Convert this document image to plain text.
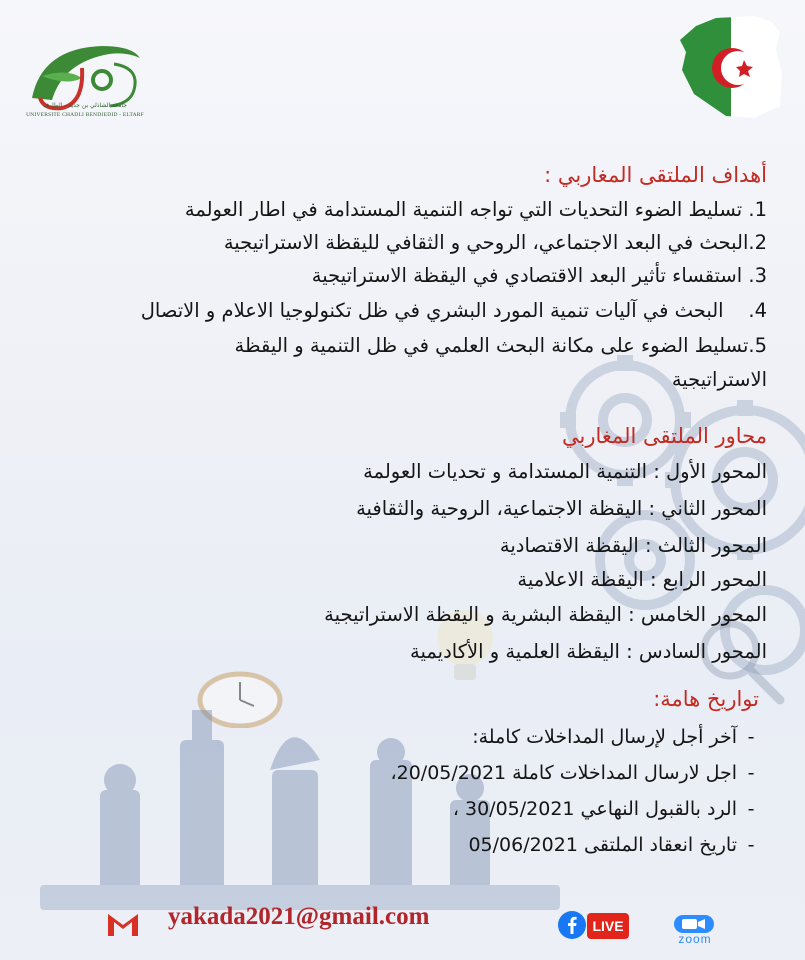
جامعة الشاذلي بن جديد - الطارف
UNIVERSITE CHADLI BENDJEDID - ELTARF
أهداف الملتقى المغاربي :
1. تسليط الضوء التحديات التي تواجه التنمية المستدامة في اطار العولمة
2.البحث في البعد الاجتماعي، الروحي و الثقافي لليقظة الاستراتيجية
3. استقساء تأثير البعد الاقتصادي في اليقظة الاستراتيجية
4.    البحث في آليات تنمية المورد البشري في ظل تكنولوجيا الاعلام و الاتصال
5.تسليط الضوء على مكانة البحث العلمي في ظل التنمية و اليقظة
الاستراتيجية
محاور الملتقى المغاربي
المحور الأول : التنمية المستدامة و تحديات العولمة
المحور الثاني : اليقظة الاجتماعية، الروحية والثقافية
المحور الثالث : اليقظة الاقتصادية
المحور الرابع : اليقظة الاعلامية
المحور الخامس : اليقظة البشرية و اليقظة الاستراتيجية
المحور السادس : اليقظة العلمية و الأكاديمية
تواريخ هامة:
-آخر أجل لإرسال المداخلات كاملة:
-اجل لارسال المداخلات كاملة 20/05/2021،
-الرد بالقبول النهاعي 30/05/2021 ،
-تاريخ انعقاد الملتقى 05/06/2021
yakada2021@gmail.com	LIVE
zoom
